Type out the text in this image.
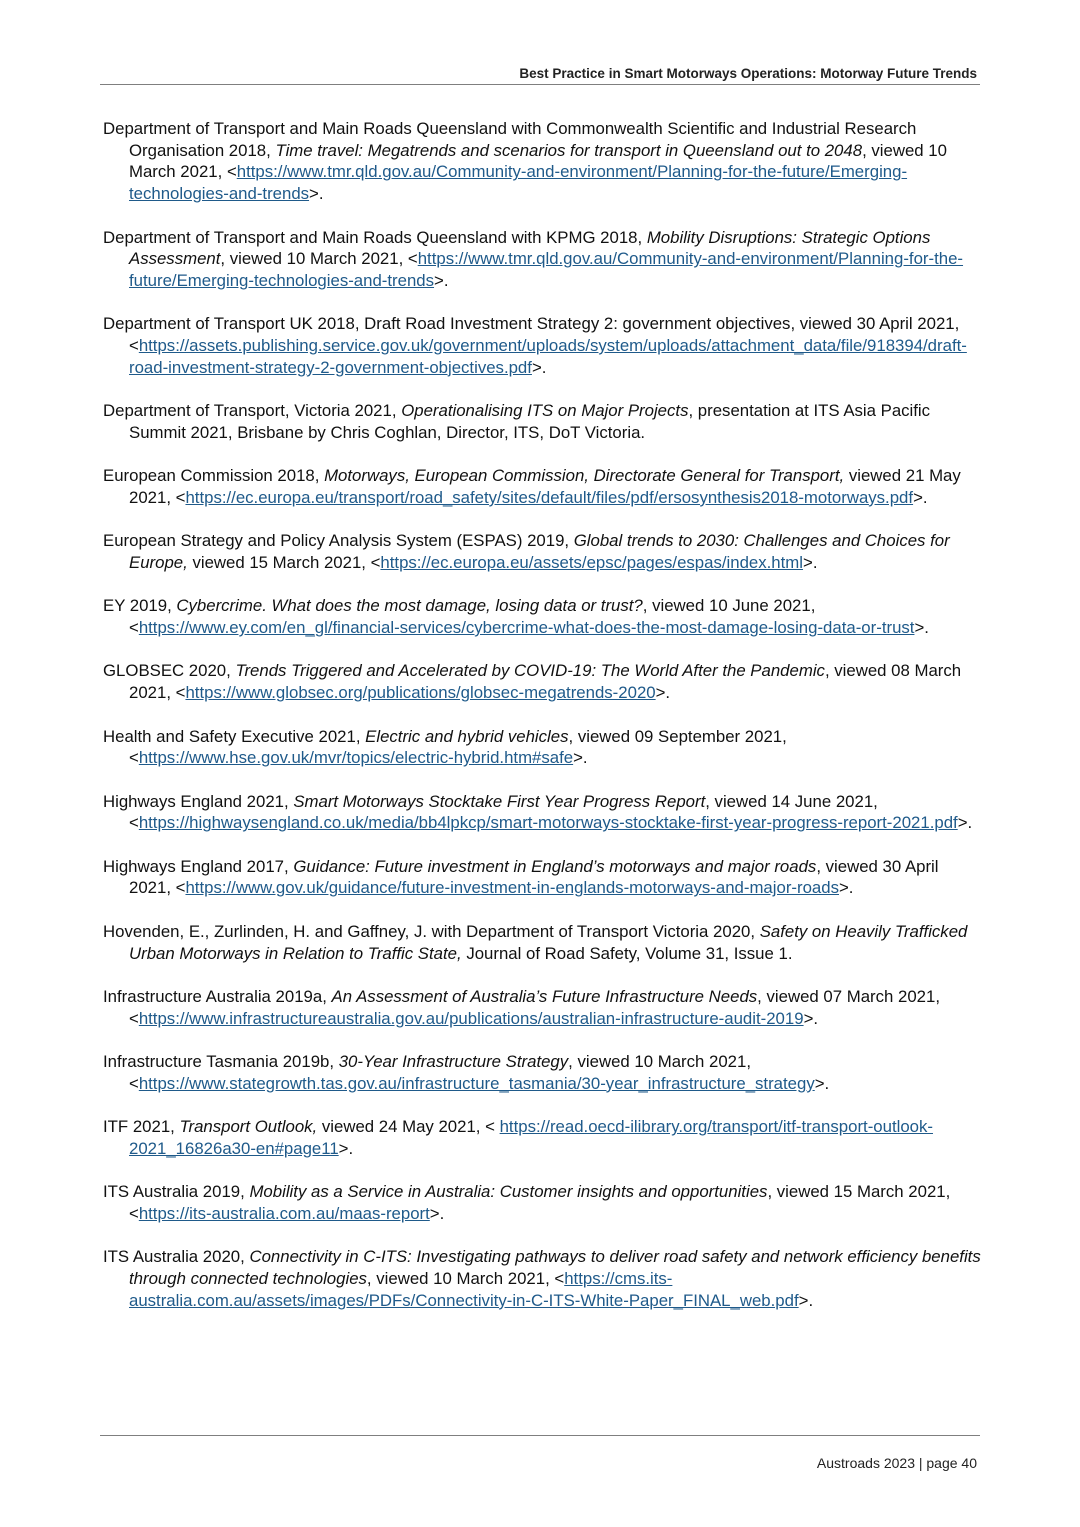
Best Practice in Smart Motorways Operations: Motorway Future Trends

Department of Transport and Main Roads Queensland with Commonwealth Scientific and Industrial Research Organisation 2018, Time travel: Megatrends and scenarios for transport in Queensland out to 2048, viewed 10 March 2021, <https://www.tmr.qld.gov.au/Community-and-environment/Planning-for-the-future/Emerging-technologies-and-trends>.

Department of Transport and Main Roads Queensland with KPMG 2018, Mobility Disruptions: Strategic Options Assessment, viewed 10 March 2021, <https://www.tmr.qld.gov.au/Community-and-environment/Planning-for-the-future/Emerging-technologies-and-trends>.

Department of Transport UK 2018, Draft Road Investment Strategy 2: government objectives, viewed 30 April 2021, <https://assets.publishing.service.gov.uk/government/uploads/system/uploads/attachment_data/file/918394/draft-road-investment-strategy-2-government-objectives.pdf>.

Department of Transport, Victoria 2021, Operationalising ITS on Major Projects, presentation at ITS Asia Pacific Summit 2021, Brisbane by Chris Coghlan, Director, ITS, DoT Victoria.

European Commission 2018, Motorways, European Commission, Directorate General for Transport, viewed 21 May 2021, <https://ec.europa.eu/transport/road_safety/sites/default/files/pdf/ersosynthesis2018-motorways.pdf>.

European Strategy and Policy Analysis System (ESPAS) 2019, Global trends to 2030: Challenges and Choices for Europe, viewed 15 March 2021, <https://ec.europa.eu/assets/epsc/pages/espas/index.html>.

EY 2019, Cybercrime. What does the most damage, losing data or trust?, viewed 10 June 2021, <https://www.ey.com/en_gl/financial-services/cybercrime-what-does-the-most-damage-losing-data-or-trust>.

GLOBSEC 2020, Trends Triggered and Accelerated by COVID-19: The World After the Pandemic, viewed 08 March 2021, <https://www.globsec.org/publications/globsec-megatrends-2020>.

Health and Safety Executive 2021, Electric and hybrid vehicles, viewed 09 September 2021, <https://www.hse.gov.uk/mvr/topics/electric-hybrid.htm#safe>.

Highways England 2021, Smart Motorways Stocktake First Year Progress Report, viewed 14 June 2021, <https://highwaysengland.co.uk/media/bb4lpkcp/smart-motorways-stocktake-first-year-progress-report-2021.pdf>.

Highways England 2017, Guidance: Future investment in England’s motorways and major roads, viewed 30 April 2021, <https://www.gov.uk/guidance/future-investment-in-englands-motorways-and-major-roads>.

Hovenden, E., Zurlinden, H. and Gaffney, J. with Department of Transport Victoria 2020, Safety on Heavily Trafficked Urban Motorways in Relation to Traffic State, Journal of Road Safety, Volume 31, Issue 1.

Infrastructure Australia 2019a, An Assessment of Australia’s Future Infrastructure Needs, viewed 07 March 2021, <https://www.infrastructureaustralia.gov.au/publications/australian-infrastructure-audit-2019>.

Infrastructure Tasmania 2019b, 30-Year Infrastructure Strategy, viewed 10 March 2021, <https://www.stategrowth.tas.gov.au/infrastructure_tasmania/30-year_infrastructure_strategy>.

ITF 2021, Transport Outlook, viewed 24 May 2021, < https://read.oecd-ilibrary.org/transport/itf-transport-outlook-2021_16826a30-en#page11>.

ITS Australia 2019, Mobility as a Service in Australia: Customer insights and opportunities, viewed 15 March 2021, <https://its-australia.com.au/maas-report>.

ITS Australia 2020, Connectivity in C-ITS: Investigating pathways to deliver road safety and network efficiency benefits through connected technologies, viewed 10 March 2021, <https://cms.its-australia.com.au/assets/images/PDFs/Connectivity-in-C-ITS-White-Paper_FINAL_web.pdf>.

Austroads 2023 | page 40
